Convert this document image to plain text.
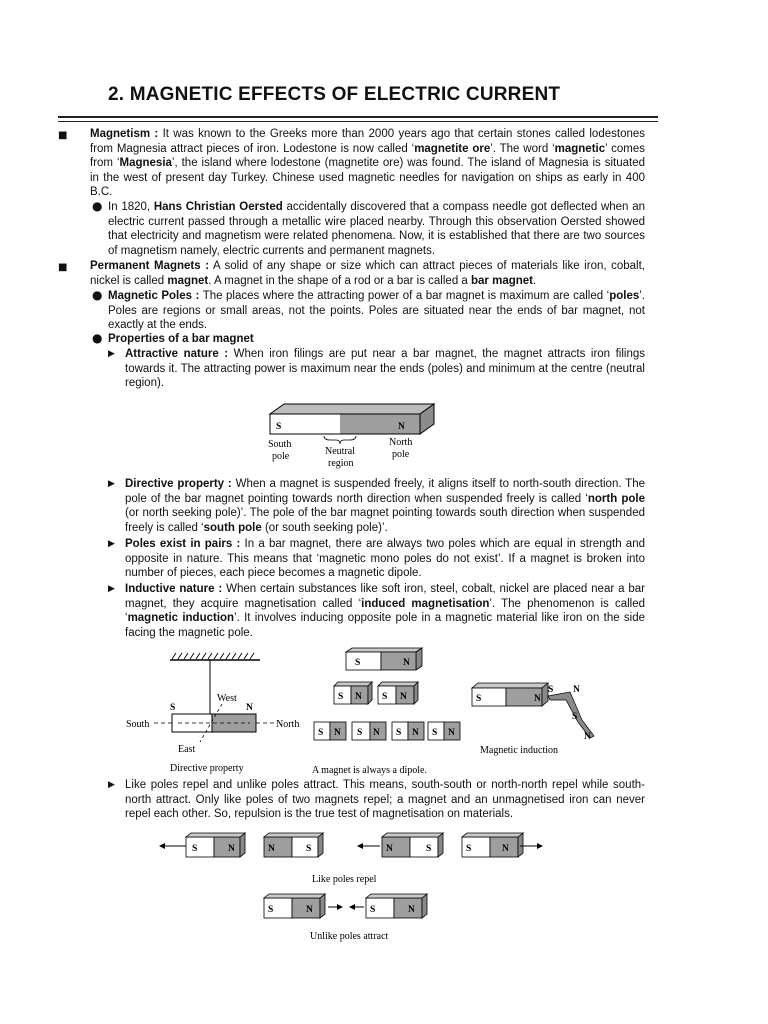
2. MAGNETIC EFFECTS OF ELECTRIC CURRENT
■ Magnetism : It was known to the Greeks more than 2000 years ago that certain stones called lodestones from Magnesia attract pieces of iron. Lodestone is now called ‘magnetite ore’. The word ‘magnetic’ comes from ‘Magnesia’, the island where lodestone (magnetite ore) was found. The island of Magnesia is situated in the west of present day Turkey. Chinese used magnetic needles for navigation on ships as early in 400 B.C.
● In 1820, Hans Christian Oersted accidentally discovered that a compass needle got deflected when an electric current passed through a metallic wire placed nearby. Through this observation Oersted showed that electricity and magnetism were related phenomena. Now, it is established that there are two sources of magnetism namely, electric currents and permanent magnets.
■ Permanent Magnets : A solid of any shape or size which can attract pieces of materials like iron, cobalt, nickel is called magnet. A magnet in the shape of a rod or a bar is called a bar magnet.
● Magnetic Poles : The places where the attracting power of a bar magnet is maximum are called ‘poles’. Poles are regions or small areas, not the points. Poles are situated near the ends of bar magnet, not exactly at the ends.
● Properties of a bar magnet
▶ Attractive nature : When iron filings are put near a bar magnet, the magnet attracts iron filings towards it. The attracting power is maximum near the ends (poles) and minimum at the centre (neutral region).
S	N
South
pole	Neutral
region
North
pole
▶ Directive property : When a magnet is suspended freely, it aligns itself to north-south direction. The pole of the bar magnet pointing towards north direction when suspended freely is called ‘north pole (or north seeking pole)’. The pole of the bar magnet pointing towards south direction when suspended freely is called ‘south pole (or south seeking pole)’.
▶ Poles exist in pairs : In a bar magnet, there are always two poles which are equal in strength and opposite in nature. This means that ‘magnetic mono poles do not exist’. If a magnet is broken into number of pieces, each piece becomes a magnetic dipole.
▶ Inductive nature : When certain substances like soft iron, steel, cobalt, nickel are placed near a bar magnet, they acquire magnetisation called ‘induced magnetisation’. The phenomenon is called ‘magnetic induction’. It involves inducing opposite pole in a magnetic material like iron on the side facing the magnetic pole.
S	N
West
East
South	North
Directive property
S	N
S N S N
S N S N S N S N
A magnet is always a dipole.
S	N
S N
S
N
Magnetic induction
▶ Like poles repel and unlike poles attract. This means, south-south or north-north repel while south-north attract. Only like poles of two magnets repel; a magnet and an unmagnetised iron can never repel each other. So, repulsion is the true test of magnetisation on materials.
S	N	N	S	N	S	S	N
Like poles repel
S	N	S	N
Unlike poles attract
